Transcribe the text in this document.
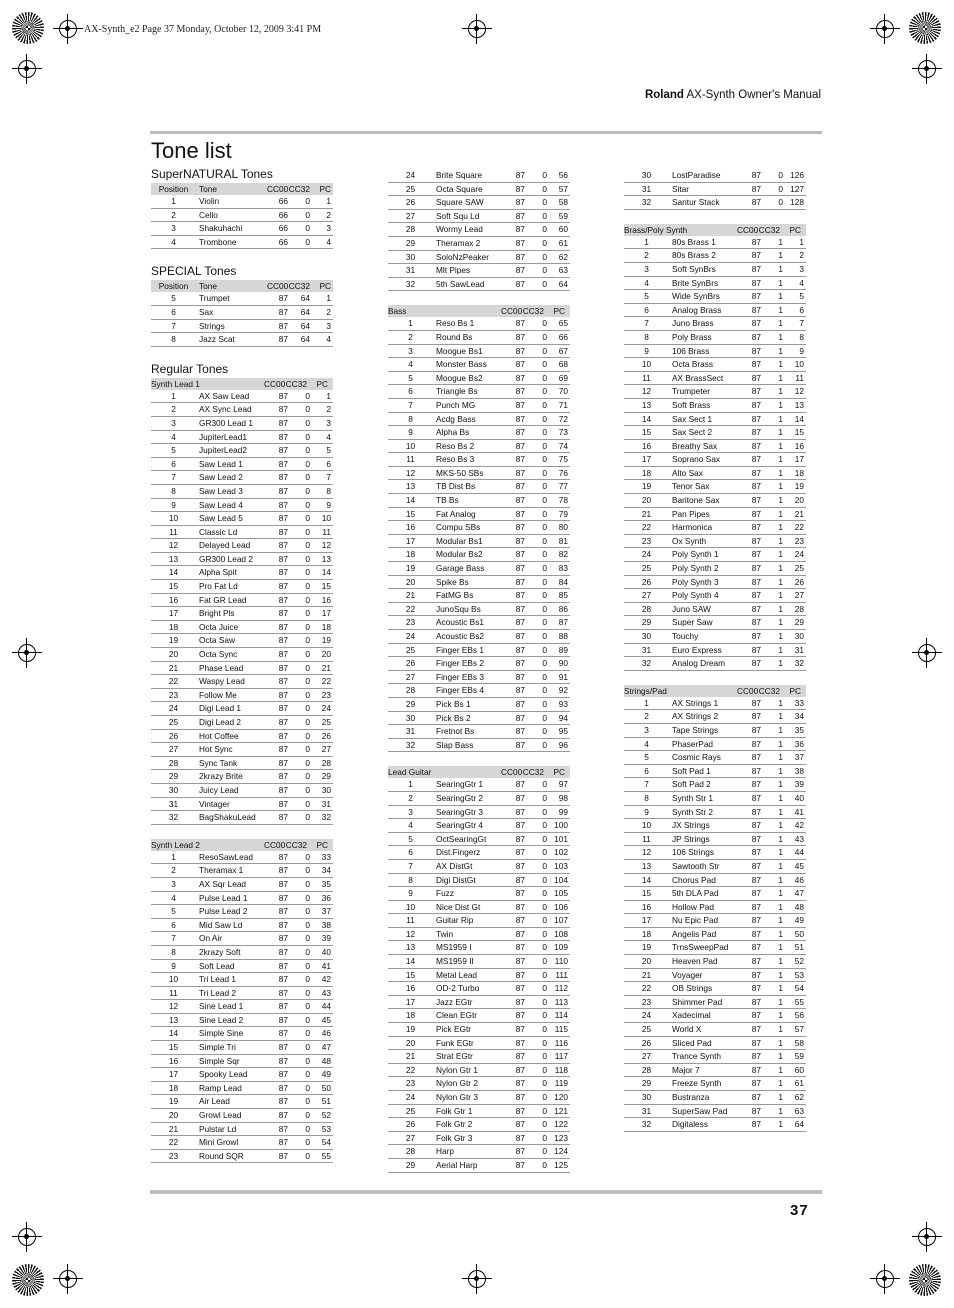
AX-Synth_e2 Page 37 Monday, October 12, 2009 3:41 PM
Roland AX-Synth Owner's Manual
Tone list
SuperNATURAL Tones
Position	Tone	CC00 CC32	PC
1	Violin	66	0	1
2	Cello	66	0	2
3	Shakuhachi	66	0	3
4	Trombone	66	0	4
SPECIAL Tones
Position	Tone	CC00 CC32	PC
5	Trumpet	87	64	1
6	Sax	87	64	2
7	Strings	87	64	3
8	Jazz Scat	87	64	4
Regular Tones
Synth Lead 1	CC00 CC32	PC
1	AX Saw Lead	87	0	1
2	AX Sync Lead	87	0	2
3	GR300 Lead 1	87	0	3
4	JupiterLead1	87	0	4
5	JupiterLead2	87	0	5
6	Saw Lead 1	87	0	6
7	Saw Lead 2	87	0	7
8	Saw Lead 3	87	0	8
9	Saw Lead 4	87	0	9
10	Saw Lead 5	87	0	10
11	Classic Ld	87	0	11
12	Delayed Lead	87	0	12
13	GR300 Lead 2	87	0	13
14	Alpha Spit	87	0	14
15	Pro Fat Ld	87	0	15
16	Fat GR Lead	87	0	16
17	Bright Pls	87	0	17
18	Octa Juice	87	0	18
19	Octa Saw	87	0	19
20	Octa Sync	87	0	20
21	Phase Lead	87	0	21
22	Waspy Lead	87	0	22
23	Follow Me	87	0	23
24	Digi Lead 1	87	0	24
25	Digi Lead 2	87	0	25
26	Hot Coffee	87	0	26
27	Hot Sync	87	0	27
28	Sync Tank	87	0	28
29	2krazy Brite	87	0	29
30	Juicy Lead	87	0	30
31	Vintager	87	0	31
32	BagShakuLead	87	0	32
Synth Lead 2	CC00 CC32	PC
1	ResoSawLead	87	0	33
2	Theramax 1	87	0	34
3	AX Sqr Lead	87	0	35
4	Pulse Lead 1	87	0	36
5	Pulse Lead 2	87	0	37
6	Mid Saw Ld	87	0	38
7	On Air	87	0	39
8	2krazy Soft	87	0	40
9	Soft Lead	87	0	41
10	Tri Lead 1	87	0	42
11	Tri Lead 2	87	0	43
12	Sine Lead 1	87	0	44
13	Sine Lead 2	87	0	45
14	Simple Sine	87	0	46
15	Simple Tri	87	0	47
16	Simple Sqr	87	0	48
17	Spooky Lead	87	0	49
18	Ramp Lead	87	0	50
19	Air Lead	87	0	51
20	Growl Lead	87	0	52
21	Pulstar Ld	87	0	53
22	Mini Growl	87	0	54
23	Round SQR	87	0	55
24	Brite Square	87	0	56
25	Octa Square	87	0	57
26	Square SAW	87	0	58
27	Soft Squ Ld	87	0	59
28	Wormy Lead	87	0	60
29	Theramax 2	87	0	61
30	SoloNzPeaker	87	0	62
31	Mlt Pipes	87	0	63
32	5th SawLead	87	0	64
Bass	CC00 CC32	PC
1	Reso Bs 1	87	0	65
2	Round Bs	87	0	66
3	Moogue Bs1	87	0	67
4	Monster Bass	87	0	68
5	Moogue Bs2	87	0	69
6	Triangle Bs	87	0	70
7	Punch MG	87	0	71
8	Acdg Bass	87	0	72
9	Alpha Bs	87	0	73
10	Reso Bs 2	87	0	74
11	Reso Bs 3	87	0	75
12	MKS-50 SBs	87	0	76
13	TB Dist Bs	87	0	77
14	TB Bs	87	0	78
15	Fat Analog	87	0	79
16	Compu SBs	87	0	80
17	Modular Bs1	87	0	81
18	Modular Bs2	87	0	82
19	Garage Bass	87	0	83
20	Spike Bs	87	0	84
21	FatMG Bs	87	0	85
22	JunoSqu Bs	87	0	86
23	Acoustic Bs1	87	0	87
24	Acoustic Bs2	87	0	88
25	Finger EBs 1	87	0	89
26	Finger EBs 2	87	0	90
27	Finger EBs 3	87	0	91
28	Finger EBs 4	87	0	92
29	Pick Bs 1	87	0	93
30	Pick Bs 2	87	0	94
31	Fretnot Bs	87	0	95
32	Slap Bass	87	0	96
Lead Guitar	CC00 CC32	PC
1	SearingGtr 1	87	0	97
2	SearingGtr 2	87	0	98
3	SearingGtr 3	87	0	99
4	SearingGtr 4	87	0 100
5	OctSearingGt	87	0 101
6	Dist.Fingerz	87	0 102
7	AX DistGt	87	0 103
8	Digi DistGt	87	0 104
9	Fuzz	87	0 105
10	Nice Dist Gt	87	0 106
11	Guitar Rip	87	0 107
12	Twin	87	0 108
13	MS1959 I	87	0 109
14	MS1959 II	87	0 110
15	Metal Lead	87	0	111
16	OD-2 Turbo	87	0 112
17	Jazz EGtr	87	0 113
18	Clean EGtr	87	0 114
19	Pick EGtr	87	0 115
20	Funk EGtr	87	0 116
21	Strat EGtr	87	0 117
22	Nylon Gtr 1	87	0 118
23	Nylon Gtr 2	87	0 119
24	Nylon Gtr 3	87	0 120
25	Folk Gtr 1	87	0 121
26	Folk Gtr 2	87	0 122
27	Folk Gtr 3	87	0 123
28	Harp	87	0 124
29	Aerial Harp	87	0 125
30	LostParadise	87	0 126
31	Sitar	87	0 127
32	Santur Stack	87	0 128
Brass/Poly Synth	CC00 CC32	PC
1	80s Brass 1	87	1	1
2	80s Brass 2	87	1	2
3	Soft SynBrs	87	1	3
4	Brite SynBrs	87	1	4
5	Wide SynBrs	87	1	5
6	Analog Brass	87	1	6
7	Juno Brass	87	1	7
8	Poly Brass	87	1	8
9	106 Brass	87	1	9
10	Octa Brass	87	1	10
11	AX BrassSect	87	1	11
12	Trumpeter	87	1	12
13	Soft Brass	87	1	13
14	Sax Sect 1	87	1	14
15	Sax Sect 2	87	1	15
16	Breathy Sax	87	1	16
17	Soprano Sax	87	1	17
18	Alto Sax	87	1	18
19	Tenor Sax	87	1	19
20	Baritone Sax	87	1	20
21	Pan Pipes	87	1	21
22	Harmonica	87	1	22
23	Ox Synth	87	1	23
24	Poly Synth 1	87	1	24
25	Poly Synth 2	87	1	25
26	Poly Synth 3	87	1	26
27	Poly Synth 4	87	1	27
28	Juno SAW	87	1	28
29	Super Saw	87	1	29
30	Touchy	87	1	30
31	Euro Express	87	1	31
32	Analog Dream	87	1	32
Strings/Pad	CC00 CC32	PC
1	AX Strings 1	87	1	33
2	AX Strings 2	87	1	34
3	Tape Strings	87	1	35
4	PhaserPad	87	1	36
5	Cosmic Rays	87	1	37
6	Soft Pad 1	87	1	38
7	Soft Pad 2	87	1	39
8	Synth Str 1	87	1	40
9	Synth Str 2	87	1	41
10	JX Strings	87	1	42
11	JP Strings	87	1	43
12	106 Strings	87	1	44
13	Sawtooth Str	87	1	45
14	Chorus Pad	87	1	46
15	5th DLA Pad	87	1	47
16	Hollow Pad	87	1	48
17	Nu Epic Pad	87	1	49
18	Angelis Pad	87	1	50
19	TrnsSweepPad	87	1	51
20	Heaven Pad	87	1	52
21	Voyager	87	1	53
22	OB Strings	87	1	54
23	Shimmer Pad	87	1	55
24	Xadecimal	87	1	56
25	World X	87	1	57
26	Sliced Pad	87	1	58
27	Trance Synth	87	1	59
28	Major 7	87	1	60
29	Freeze Synth	87	1	61
30	Bustranza	87	1	62
31	SuperSaw Pad	87	1	63
32	Digitaless	87	1	64
37
